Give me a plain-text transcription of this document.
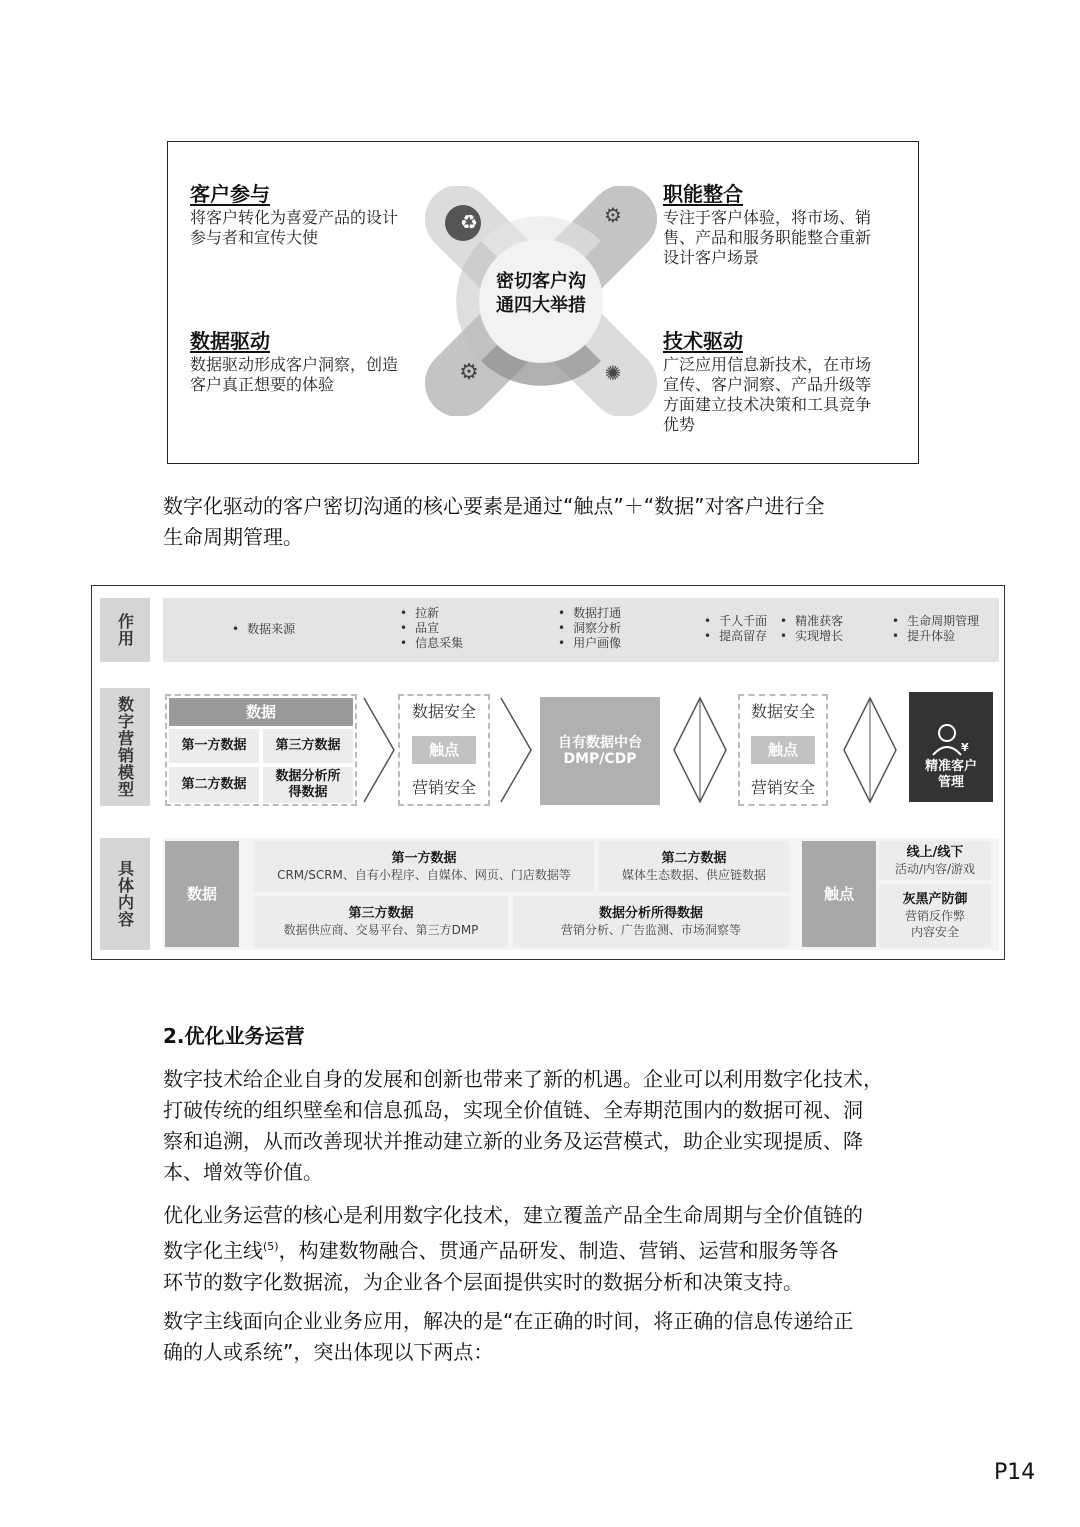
客户参与
将客户转化为喜爱产品的设计
参与者和宣传大使
职能整合
专注于客户体验，将市场、销
售、产品和服务职能整合重新
设计客户场景
数据驱动
数据驱动形成客户洞察，创造
客户真正想要的体验
技术驱动
广泛应用信息新技术，在市场
宣传、客户洞察、产品升级等
方面建立技术决策和工具竞争
优势
♻	⚙
⚙	✺
密切客户沟
通四大举措
数字化驱动的客户密切沟通的核心要素是通过“触点”＋“数据”对客户进行全
生命周期管理。
作用
数字营销模型
具体内容
• 数据来源
• 拉新
• 品宣
• 信息采集
• 数据打通
• 洞察分析
• 用户画像
• 千人千面
• 提高留存
• 精准获客
• 实现增长
• 生命周期管理
• 提升体验
数据
第一方数据	第三方数据
第二方数据
数据分析所得数据
数据安全
触点
营销安全
自有数据中台
DMP/CDP
数据安全
触点
营销安全
¥
精准客户
管理
数据
第一方数据
CRM/SCRM、自有小程序、自媒体、网页、门店数据等
第二方数据
媒体生态数据、供应链数据
第三方数据
数据供应商、交易平台、第三方DMP
数据分析所得数据
营销分析、广告监测、市场洞察等
触点
线上/线下
活动/内容/游戏
灰黑产防御
营销反作弊
内容安全
2.优化业务运营
数字技术给企业自身的发展和创新也带来了新的机遇。企业可以利用数字化技术，
打破传统的组织壁垒和信息孤岛，实现全价值链、全寿期范围内的数据可视、洞
察和追溯，从而改善现状并推动建立新的业务及运营模式，助企业实现提质、降
本、增效等价值。
优化业务运营的核心是利用数字化技术，建立覆盖产品全生命周期与全价值链的
数字化主线$^{(5)}$，构建数物融合、贯通产品研发、制造、营销、运营和服务等各
环节的数字化数据流，为企业各个层面提供实时的数据分析和决策支持。
数字主线面向企业业务应用，解决的是“在正确的时间，将正确的信息传递给正
确的人或系统”，突出体现以下两点：
P14
